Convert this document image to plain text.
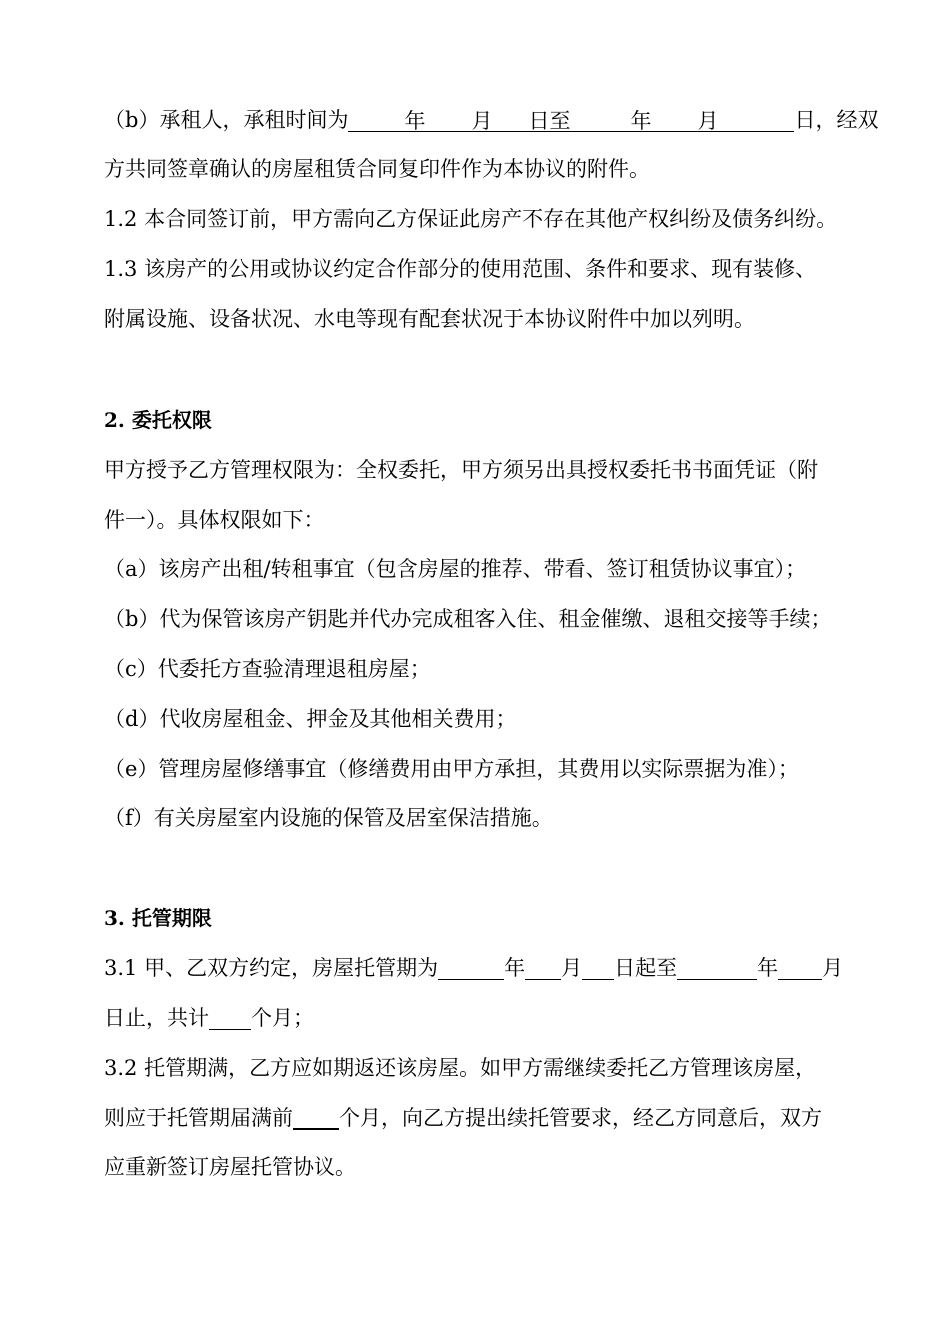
（b）承租人，承租时间为	年 月 日至	年 月	日，经双
方共同签章确认的房屋租赁合同复印件作为本协议的附件。
1.2 本合同签订前，甲方需向乙方保证此房产不存在其他产权纠纷及债务纠纷。
1.3 该房产的公用或协议约定合作部分的使用范围、条件和要求、现有装修、
附属设施、设备状况、水电等现有配套状况于本协议附件中加以列明。
2. 委托权限
甲方授予乙方管理权限为：全权委托，甲方须另出具授权委托书书面凭证（附
件一）。具体权限如下：
（a）该房产出租/转租事宜（包含房屋的推荐、带看、签订租赁协议事宜）；
（b）代为保管该房产钥匙并代办完成租客入住、租金催缴、退租交接等手续；
（c）代委托方查验清理退租房屋；
（d）代收房屋租金、押金及其他相关费用；
（e）管理房屋修缮事宜（修缮费用由甲方承担，其费用以实际票据为准）；
（f）有关房屋室内设施的保管及居室保洁措施。
3. 托管期限
3.1 甲、乙双方约定，房屋托管期为	年 月 日起至	年 月
日止，共计 个月；
3.2 托管期满，乙方应如期返还该房屋。如甲方需继续委托乙方管理该房屋，
则应于托管期届满前 个月，向乙方提出续托管要求，经乙方同意后，双方
应重新签订房屋托管协议。
